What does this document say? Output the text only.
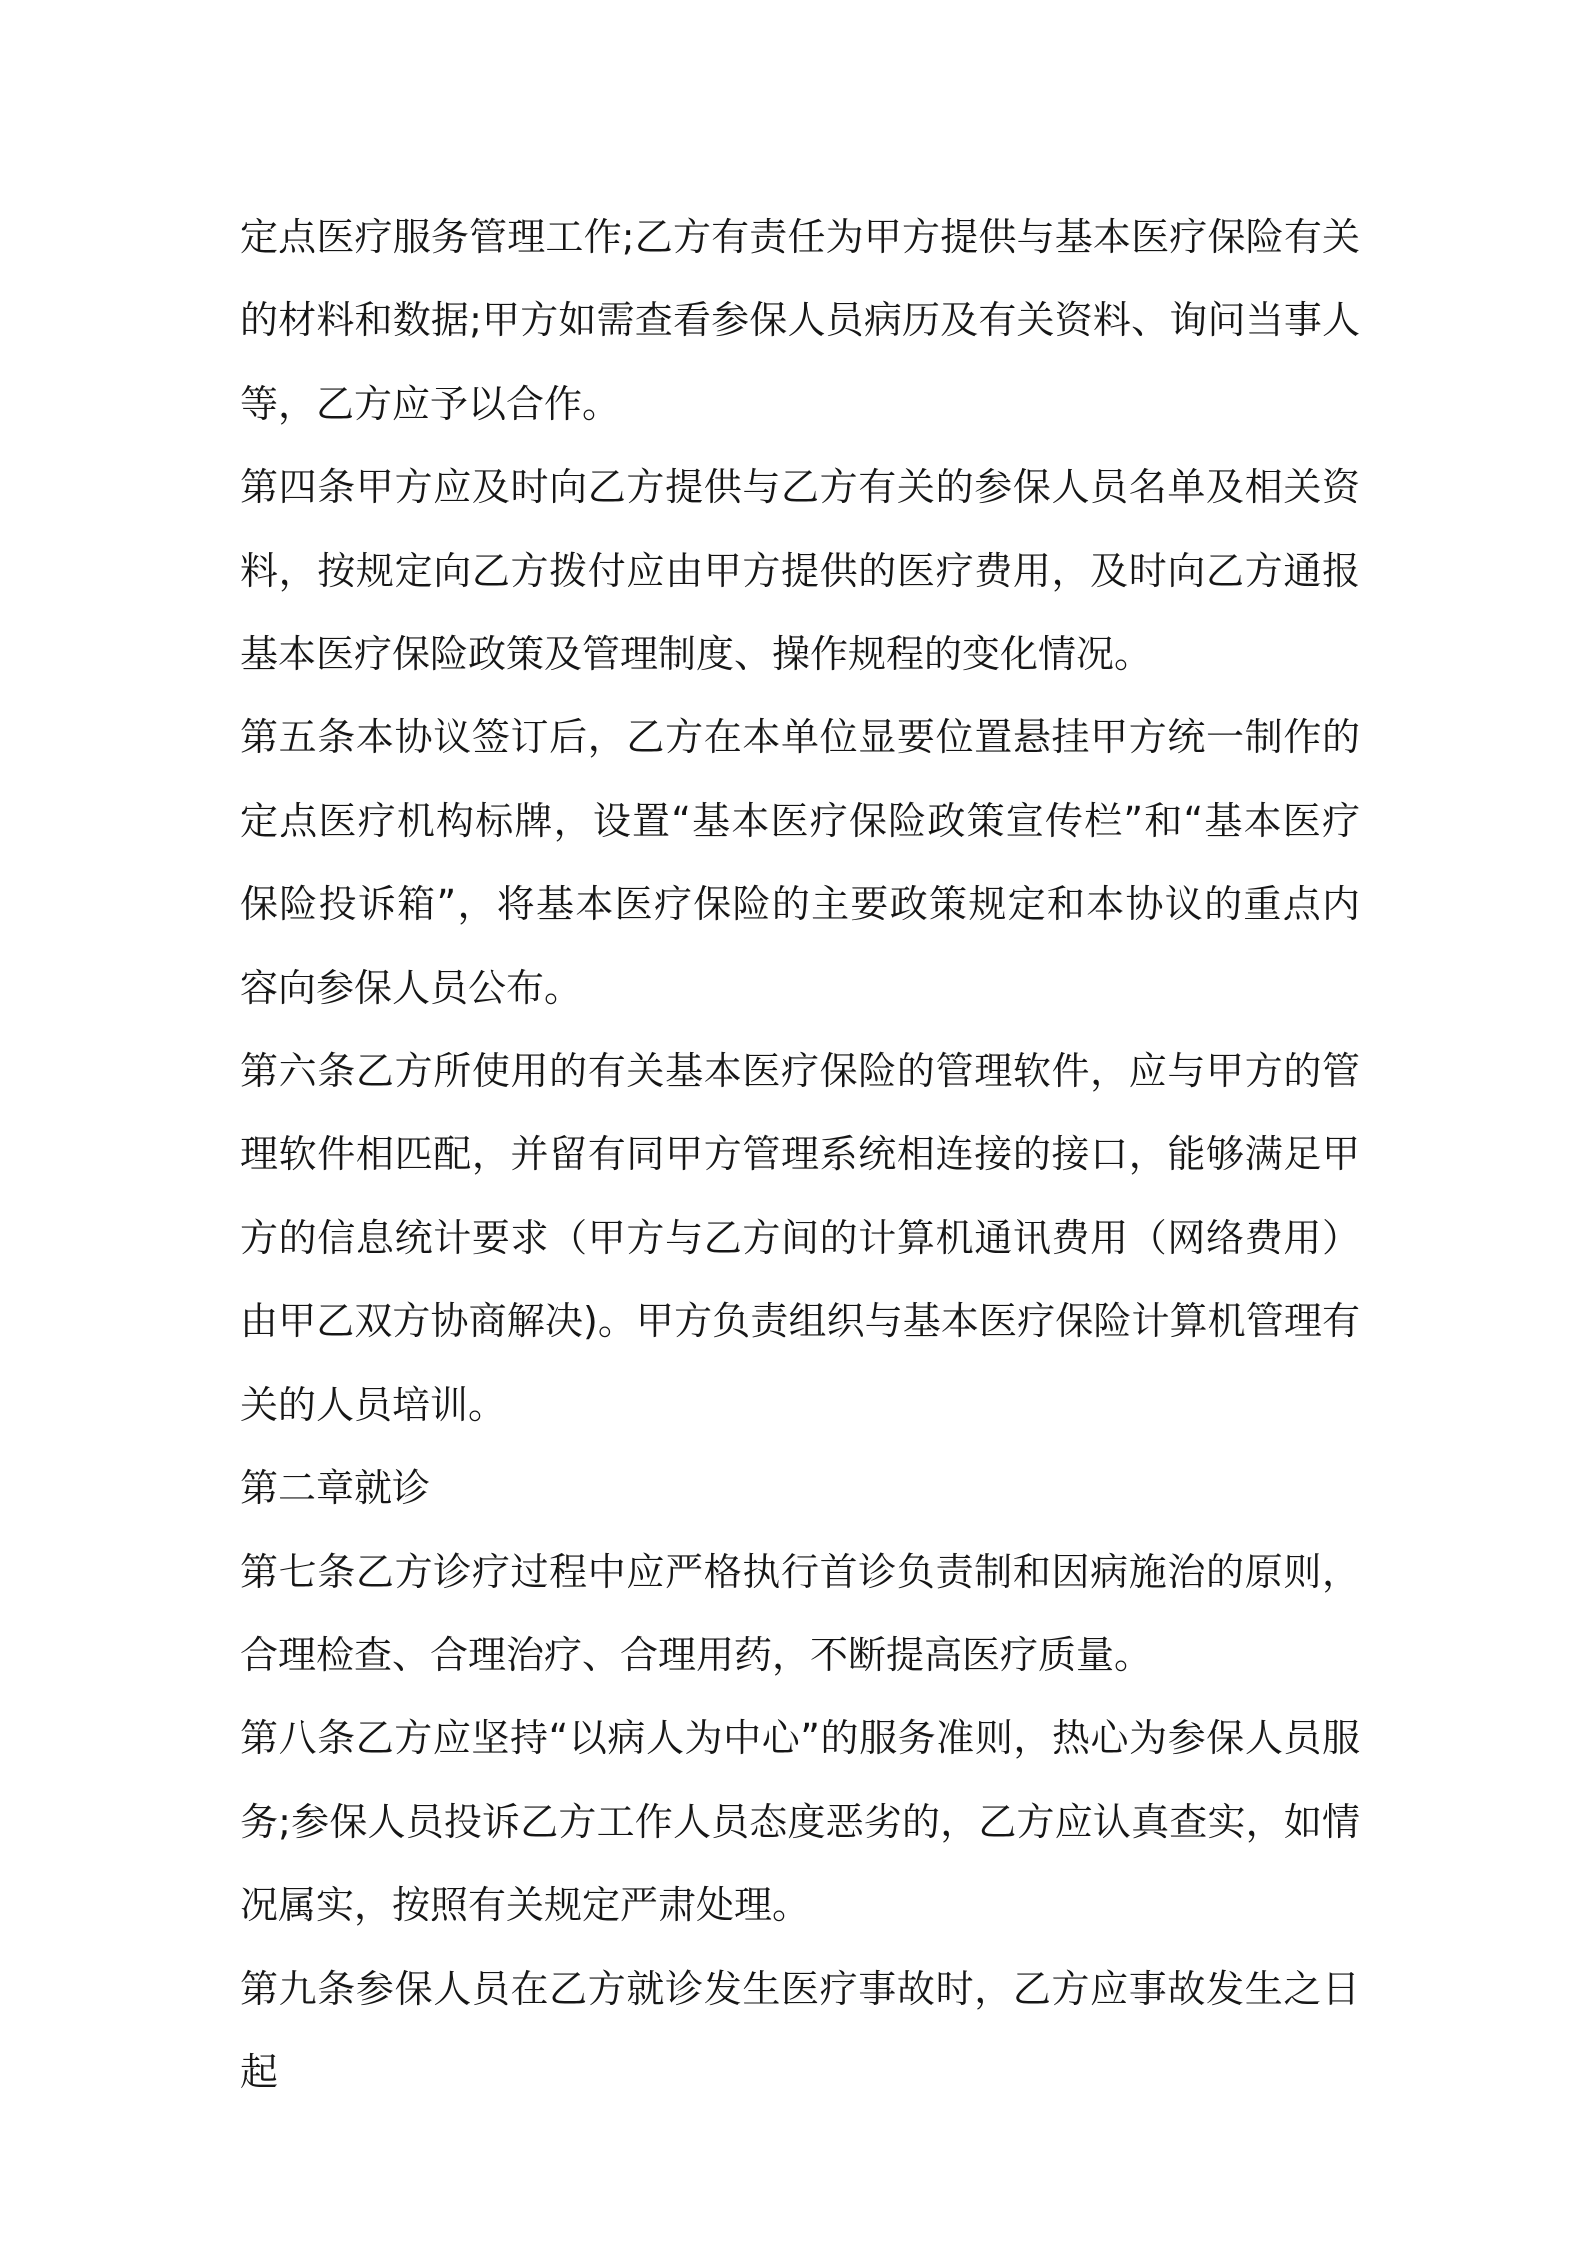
定点医疗服务管理工作;乙方有责任为甲方提供与基本医疗保险有关的材料和数据;甲方如需查看参保人员病历及有关资料、询问当事人等，乙方应予以合作。

第四条甲方应及时向乙方提供与乙方有关的参保人员名单及相关资料，按规定向乙方拨付应由甲方提供的医疗费用，及时向乙方通报基本医疗保险政策及管理制度、操作规程的变化情况。

第五条本协议签订后，乙方在本单位显要位置悬挂甲方统一制作的定点医疗机构标牌，设置“基本医疗保险政策宣传栏”和“基本医疗保险投诉箱”，将基本医疗保险的主要政策规定和本协议的重点内容向参保人员公布。

第六条乙方所使用的有关基本医疗保险的管理软件，应与甲方的管理软件相匹配，并留有同甲方管理系统相连接的接口，能够满足甲方的信息统计要求（甲方与乙方间的计算机通讯费用（网络费用）由甲乙双方协商解决)。甲方负责组织与基本医疗保险计算机管理有关的人员培训。

第二章就诊

第七条乙方诊疗过程中应严格执行首诊负责制和因病施治的原则，合理检查、合理治疗、合理用药，不断提高医疗质量。

第八条乙方应坚持“以病人为中心”的服务准则，热心为参保人员服务;参保人员投诉乙方工作人员态度恶劣的，乙方应认真查实，如情况属实，按照有关规定严肃处理。

第九条参保人员在乙方就诊发生医疗事故时，乙方应事故发生之日起
